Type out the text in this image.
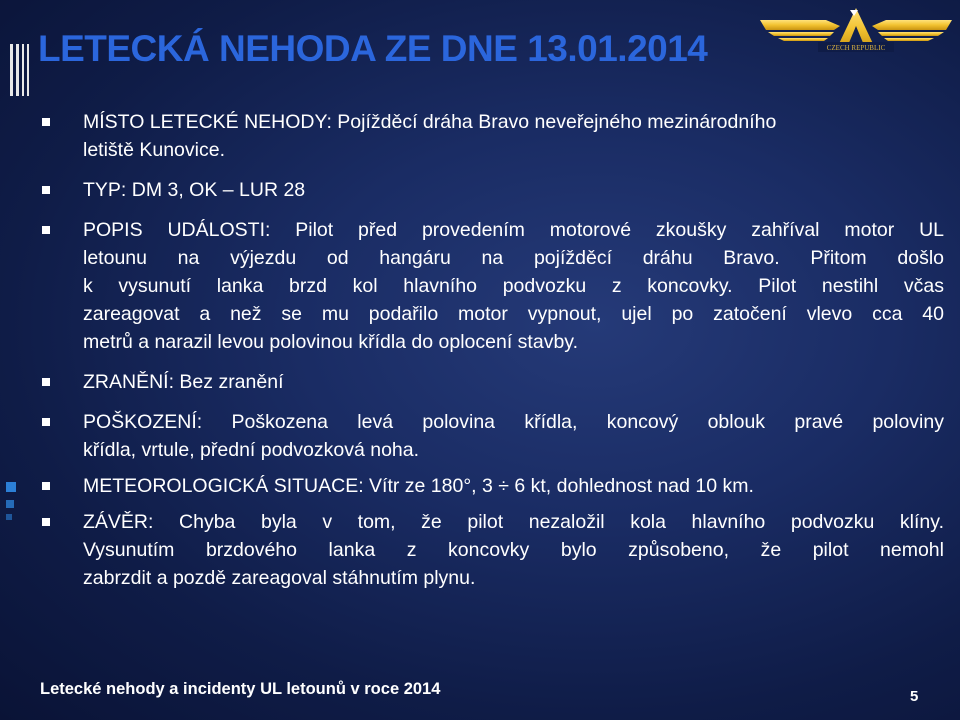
LETECKÁ NEHODA ZE DNE 13.01.2014	CZECH REPUBLIC
MÍSTO LETECKÉ NEHODY: Pojížděcí dráha Bravo neveřejného mezinárodního
letiště Kunovice.
TYP: DM 3, OK – LUR 28
POPIS UDÁLOSTI: Pilot před provedením motorové zkoušky zahříval motor UL
letounu na výjezdu od hangáru na pojížděcí dráhu Bravo. Přitom došlo
k vysunutí lanka brzd kol hlavního podvozku z koncovky. Pilot nestihl včas
zareagovat a než se mu podařilo motor vypnout, ujel po zatočení vlevo cca 40
metrů a narazil levou polovinou křídla do oplocení stavby.
ZRANĚNÍ: Bez zranění
POŠKOZENÍ: Poškozena levá polovina křídla, koncový oblouk pravé poloviny
křídla, vrtule, přední podvozková noha.
METEOROLOGICKÁ SITUACE: Vítr ze 180°, 3 ÷ 6 kt, dohlednost nad 10 km.
ZÁVĚR: Chyba byla v tom, že pilot nezaložil kola hlavního podvozku klíny.
Vysunutím brzdového lanka z koncovky bylo způsobeno, že pilot nemohl
zabrzdit a pozdě zareagoval stáhnutím plynu.
Letecké nehody a incidenty UL letounů v roce 2014	5
